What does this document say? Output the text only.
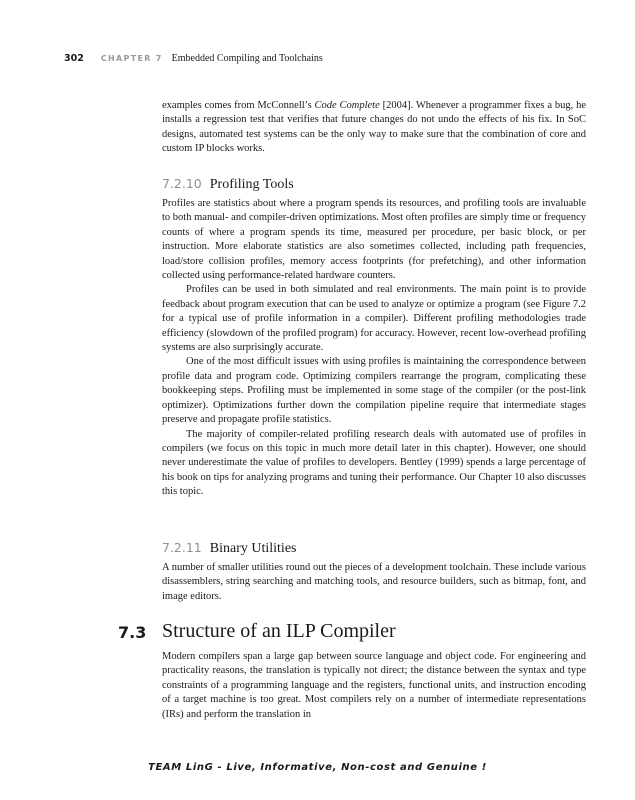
302 CHAPTER 7 Embedded Compiling and Toolchains

examples comes from McConnell’s Code Complete [2004]. Whenever a programmer fixes a bug, he installs a regression test that verifies that future changes do not undo the effects of his fix. In SoC designs, automated test systems can be the only way to make sure that the combination of core and custom IP blocks works.

7.2.10 Profiling Tools

Profiles are statistics about where a program spends its resources, and profiling tools are invaluable to both manual- and compiler-driven optimizations. Most often profiles are simply time or frequency counts of where a program spends its time, measured per procedure, per basic block, or per instruction. More elaborate statistics are also sometimes collected, including path frequencies, load/store collision profiles, memory access footprints (for prefetching), and other information collected using performance-related hardware counters.

Profiles can be used in both simulated and real environments. The main point is to provide feedback about program execution that can be used to analyze or optimize a program (see Figure 7.2 for a typical use of profile information in a compiler). Different profiling methodologies trade efficiency (slowdown of the profiled program) for accuracy. However, recent low-overhead profiling systems are also surprisingly accurate.

One of the most difficult issues with using profiles is maintaining the correspondence between profile data and program code. Optimizing compilers rearrange the program, complicating these bookkeeping steps. Profiling must be implemented in some stage of the compiler (or the post-link optimizer). Optimizations further down the compilation pipeline require that intermediate stages preserve and propagate profile statistics.

The majority of compiler-related profiling research deals with automated use of profiles in compilers (we focus on this topic in much more detail later in this chapter). However, one should never underestimate the value of profiles to developers. Bentley (1999) spends a large percentage of his book on tips for analyzing programs and tuning their performance. Our Chapter 10 also discusses this topic.

7.2.11 Binary Utilities

A number of smaller utilities round out the pieces of a development toolchain. These include various disassemblers, string searching and matching tools, and resource builders, such as bitmap, font, and image editors.

7.3 Structure of an ILP Compiler

Modern compilers span a large gap between source language and object code. For engineering and practicality reasons, the translation is typically not direct; the distance between the syntax and type constraints of a programming language and the registers, functional units, and instruction encoding of a target machine is too great. Most compilers rely on a number of intermediate representations (IRs) and perform the translation in

TEAM LinG - Live, Informative, Non-cost and Genuine !
